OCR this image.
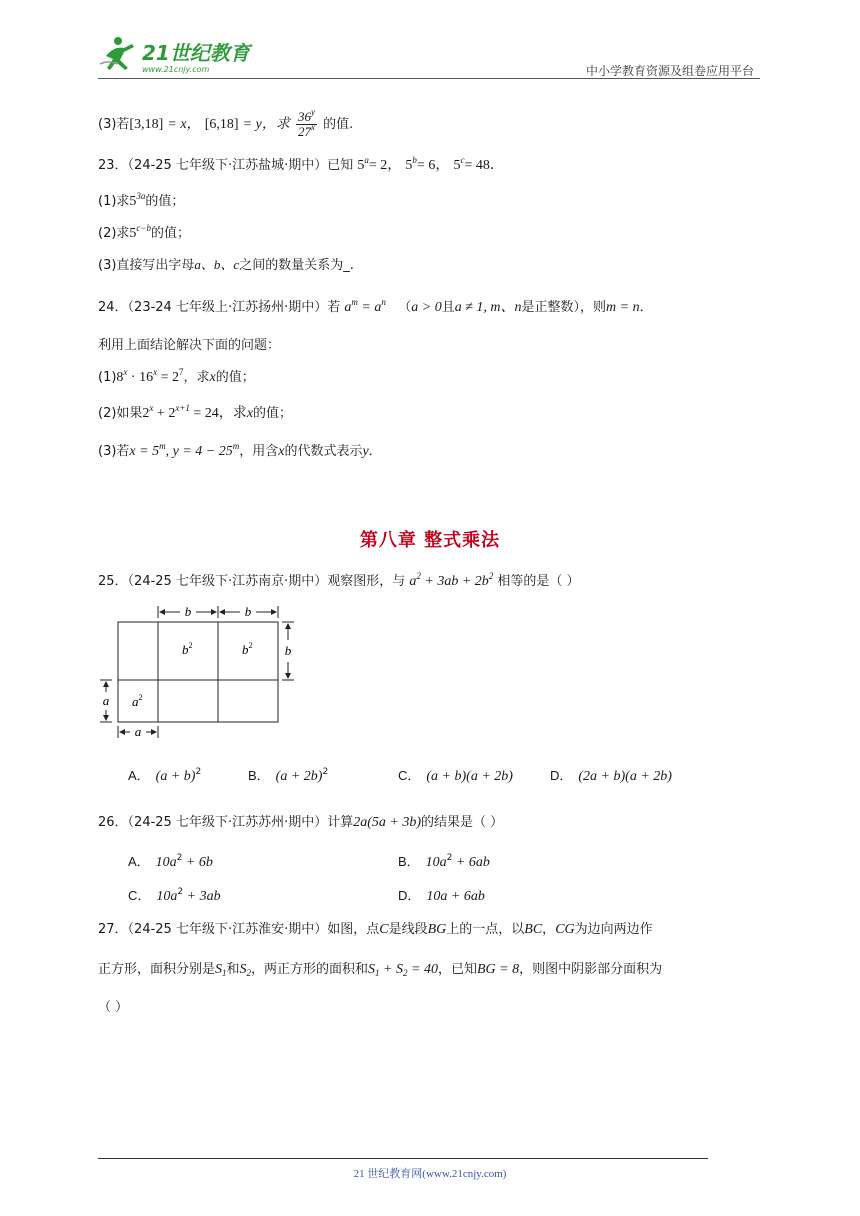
21世纪教育
www.21cnjy.com	中小学教育资源及组卷应用平台
(3)若[3,18] = x， [6,18] = y，求 $\frac{36^y}{27^x}$ 的值.
23．（24-25 七年级下·江苏盐城·期中）已知 $5^a= 2$， $5^b= 6$， $5^c= 48$．
(1)求$5^{3a}$的值；
(2)求$5^{c-b}$的值；
(3)直接写出字母a、b、c之间的数量关系为_.
24．（23-24 七年级上·江苏扬州·期中）若 $a^m = a^n$ （a > 0且a ≠ 1, m、n是正整数），则m = n．
利用上面结论解决下面的问题：
$(1)8^x \cdot 16^x = 2^7$，求x的值；
(2)如果$2^x + 2^{x+1} = 24$，求x的值；
(3)若$x = 5^m$, $y = 4 - 25^m$，用含x的代数式表示y．
第八章 整式乘法
25．（24-25 七年级下·江苏南京·期中）观察图形，与 $a^2 + 3ab + 2b^2$ 相等的是（ ）
b	b
b
a
a
$b^2$	$b^2$
$a^2$
A． $(a + b)^2$	B． $(a + 2b)^2$	C． (a + b)(a + 2b)	D． (2a + b)(a + 2b)
26．（24-25 七年级下·江苏苏州·期中）计算2a(5a + 3b)的结果是（ ）
A． $10a^2 + 6b$	B． $10a^2 + 6ab$
C． $10a^2 + 3ab$	D． 10a + 6ab
27．（24-25 七年级下·江苏淮安·期中）如图，点C是线段BG上的一点，以BC，CG为边向两边作
正方形，面积分别是$S_1$和$S_2$，两正方形的面积和$S_1 + S_2 = 40$，已知BG = 8，则图中阴影部分面积为
（ ）
21 世纪教育网(www.21cnjy.com)
